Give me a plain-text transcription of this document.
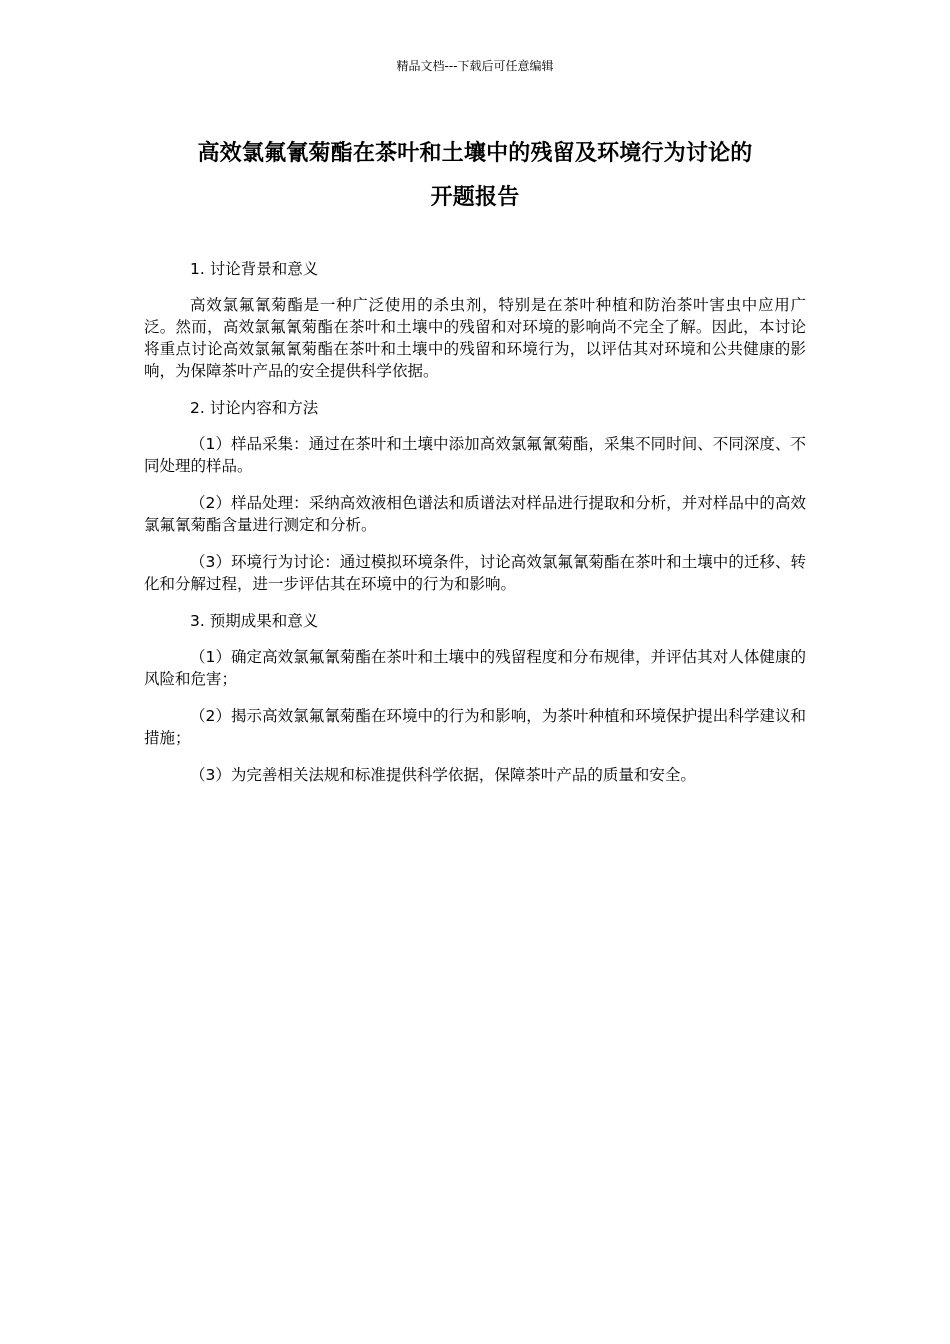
精品文档---下载后可任意编辑
高效氯氟氰菊酯在茶叶和土壤中的残留及环境行为讨论的
开题报告

1. 讨论背景和意义

高效氯氟氰菊酯是一种广泛使用的杀虫剂，特别是在茶叶种植和防治茶叶害虫中应用广泛。然而，高效氯氟氰菊酯在茶叶和土壤中的残留和对环境的影响尚不完全了解。因此，本讨论将重点讨论高效氯氟氰菊酯在茶叶和土壤中的残留和环境行为，以评估其对环境和公共健康的影响，为保障茶叶产品的安全提供科学依据。

2. 讨论内容和方法

（1）样品采集：通过在茶叶和土壤中添加高效氯氟氰菊酯，采集不同时间、不同深度、不同处理的样品。

（2）样品处理：采纳高效液相色谱法和质谱法对样品进行提取和分析，并对样品中的高效氯氟氰菊酯含量进行测定和分析。

（3）环境行为讨论：通过模拟环境条件，讨论高效氯氟氰菊酯在茶叶和土壤中的迁移、转化和分解过程，进一步评估其在环境中的行为和影响。

3. 预期成果和意义

（1）确定高效氯氟氰菊酯在茶叶和土壤中的残留程度和分布规律，并评估其对人体健康的风险和危害；

（2）揭示高效氯氟氰菊酯在环境中的行为和影响，为茶叶种植和环境保护提出科学建议和措施；

（3）为完善相关法规和标准提供科学依据，保障茶叶产品的质量和安全。
